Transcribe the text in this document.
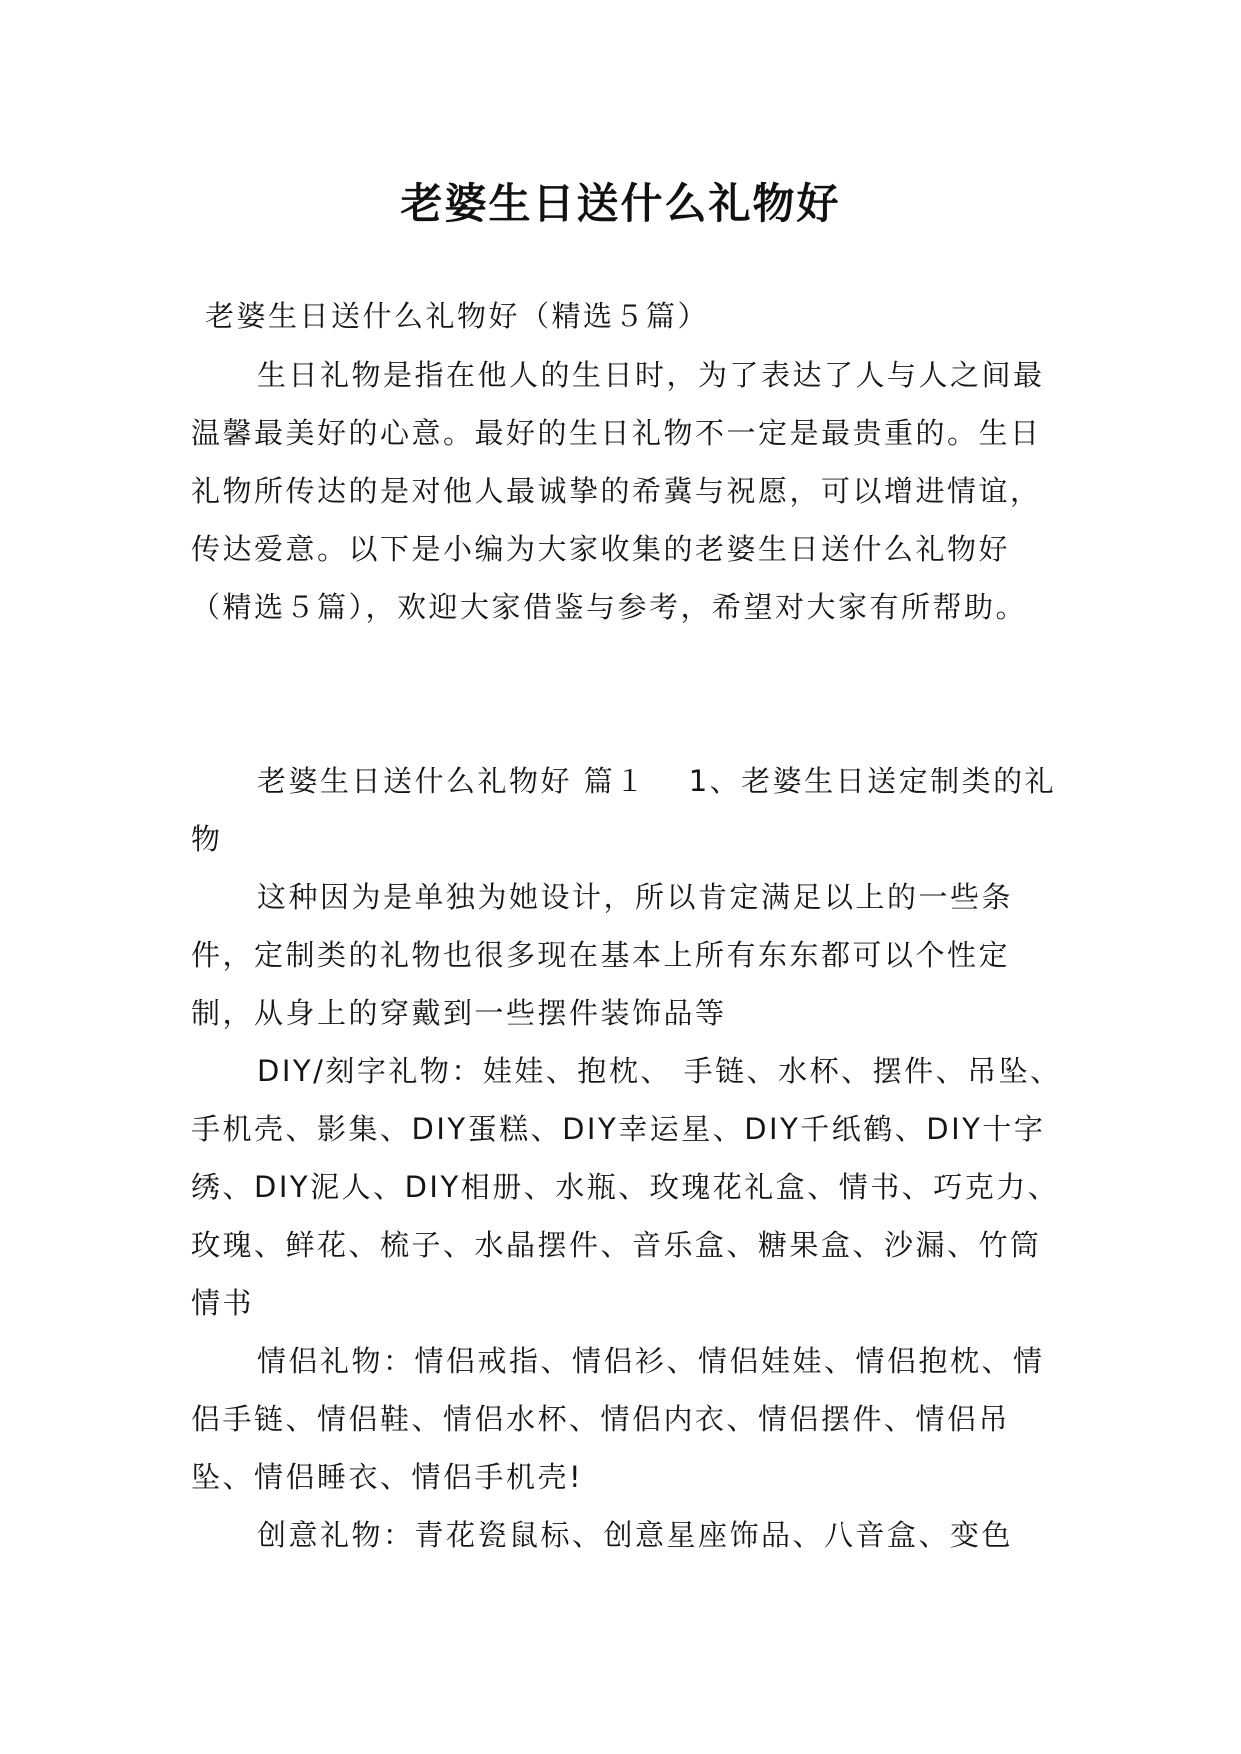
老婆生日送什么礼物好
老婆生日送什么礼物好（精选５篇）

生日礼物是指在他人的生日时，为了表达了人与人之间最温馨最美好的心意。最好的生日礼物不一定是最贵重的。生日礼物所传达的是对他人最诚挚的希冀与祝愿，可以增进情谊，传达爱意。以下是小编为大家收集的老婆生日送什么礼物好（精选５篇），欢迎大家借鉴与参考，希望对大家有所帮助。

老婆生日送什么礼物好 篇１ 1、老婆生日送定制类的礼物

这种因为是单独为她设计，所以肯定满足以上的一些条件，定制类的礼物也很多现在基本上所有东东都可以个性定制，从身上的穿戴到一些摆件装饰品等

DIY/刻字礼物：娃娃、抱枕、 手链、水杯、摆件、吊坠、手机壳、影集、DIY蛋糕、DIY幸运星、DIY千纸鹤、DIY十字绣、DIY泥人、DIY相册、水瓶、玫瑰花礼盒、情书、巧克力、玫瑰、鲜花、梳子、水晶摆件、音乐盒、糖果盒、沙漏、竹筒情书

情侣礼物：情侣戒指、情侣衫、情侣娃娃、情侣抱枕、情侣手链、情侣鞋、情侣水杯、情侣内衣、情侣摆件、情侣吊坠、情侣睡衣、情侣手机壳!

创意礼物：青花瓷鼠标、创意星座饰品、八音盒、变色
